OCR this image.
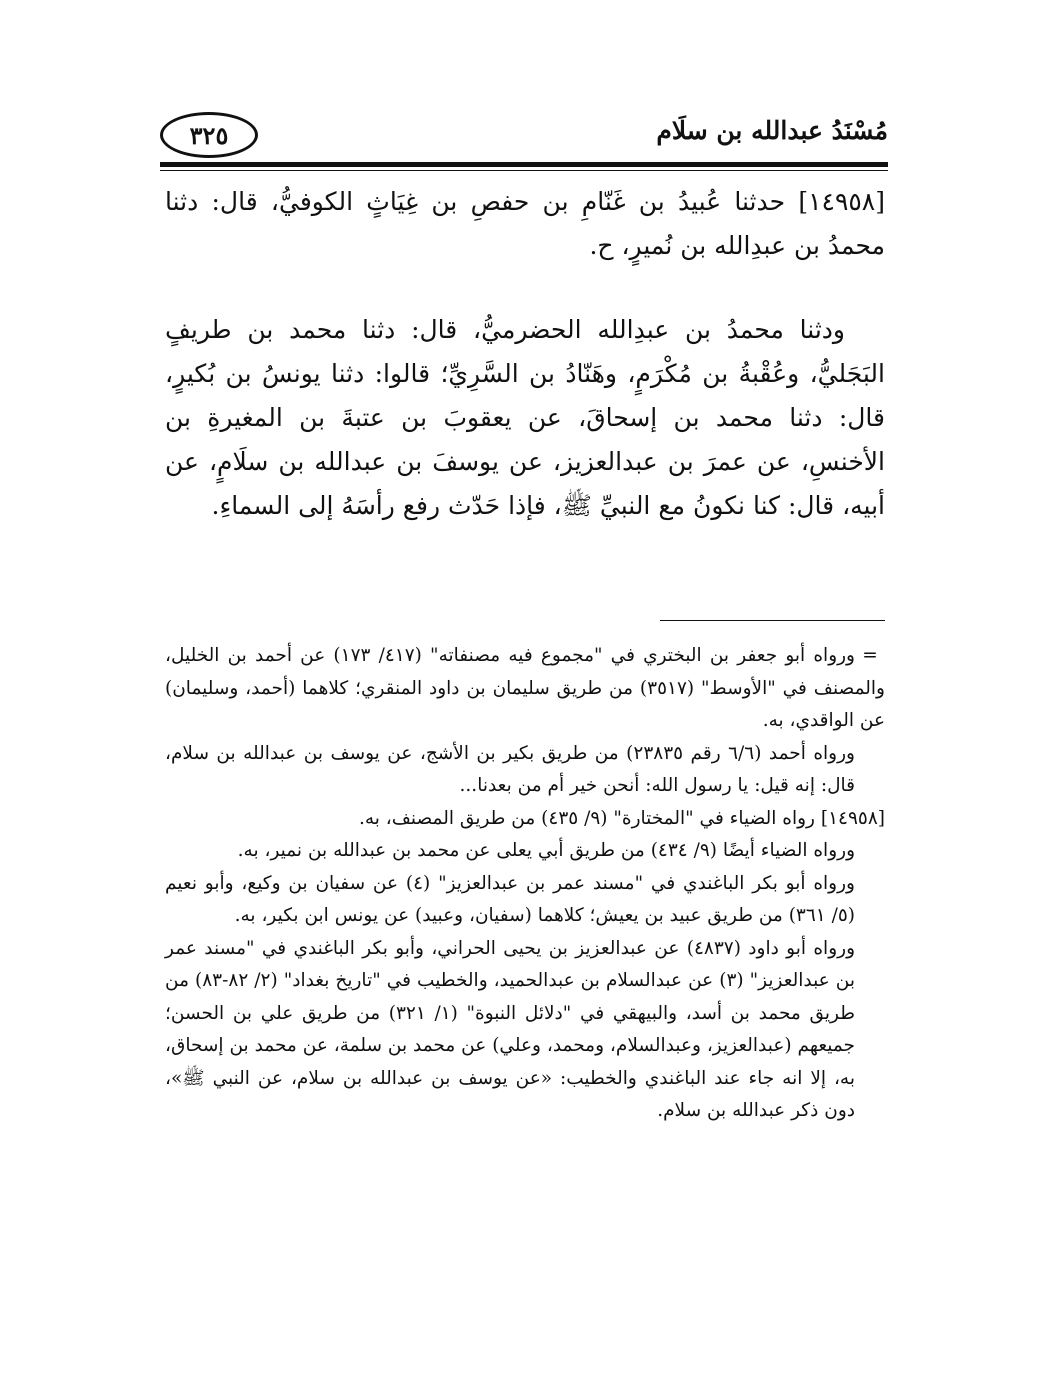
مُسْنَدُ عبدالله بن سلَام
٣٢٥

[١٤٩٥٨] حدثنا عُبيدُ بن غَنّامِ بن حفصِ بن غِيَاثٍ الكوفيُّ، قال: دثنا محمدُ بن عبدِالله بن نُميرٍ، ح.

ودثنا محمدُ بن عبدِالله الحضرميُّ، قال: دثنا محمد بن طريفٍ البَجَليُّ، وعُقْبةُ بن مُكْرَمٍ، وهَنّادُ بن السَّرِيِّ؛ قالوا: دثنا يونسُ بن بُكيرٍ، قال: دثنا محمد بن إسحاقَ، عن يعقوبَ بن عتبةَ بن المغيرةِ بن الأخنسِ، عن عمرَ بن عبدالعزيز، عن يوسفَ بن عبدالله بن سلَامٍ، عن أبيه، قال: كنا نكونُ مع النبيِّ ﷺ، فإذا حَدّث رفع رأسَهُ إلى السماءِ.

=ورواه أبو جعفر بن البختري في "مجموع فيه مصنفاته" (٤١٧/ ١٧٣) عن أحمد بن الخليل، والمصنف في "الأوسط" (٣٥١٧) من طريق سليمان بن داود المنقري؛ كلاهما (أحمد، وسليمان) عن الواقدي، به.

ورواه أحمد (٦/٦ رقم ٢٣٨٣٥) من طريق بكير بن الأشج، عن يوسف بن عبدالله بن سلام، قال: إنه قيل: يا رسول الله: أنحن خير أم من بعدنا...

[١٤٩٥٨] رواه الضياء في "المختارة" (٩/ ٤٣٥) من طريق المصنف، به.

ورواه الضياء أيضًا (٩/ ٤٣٤) من طريق أبي يعلى عن محمد بن عبدالله بن نمير، به.

ورواه أبو بكر الباغندي في "مسند عمر بن عبدالعزيز" (٤) عن سفيان بن وكيع، وأبو نعيم (٥/ ٣٦١) من طريق عبيد بن يعيش؛ كلاهما (سفيان، وعبيد) عن يونس ابن بكير، به.

ورواه أبو داود (٤٨٣٧) عن عبدالعزيز بن يحيى الحراني، وأبو بكر الباغندي في "مسند عمر بن عبدالعزيز" (٣) عن عبدالسلام بن عبدالحميد، والخطيب في "تاريخ بغداد" (٢/ ٨٢-٨٣) من طريق محمد بن أسد، والبيهقي في "دلائل النبوة" (١/ ٣٢١) من طريق علي بن الحسن؛ جميعهم (عبدالعزيز، وعبدالسلام، ومحمد، وعلي) عن محمد بن سلمة، عن محمد بن إسحاق، به، إلا انه جاء عند الباغندي والخطيب: «عن يوسف بن عبدالله بن سلام، عن النبي ﷺ»، دون ذكر عبدالله بن سلام.
